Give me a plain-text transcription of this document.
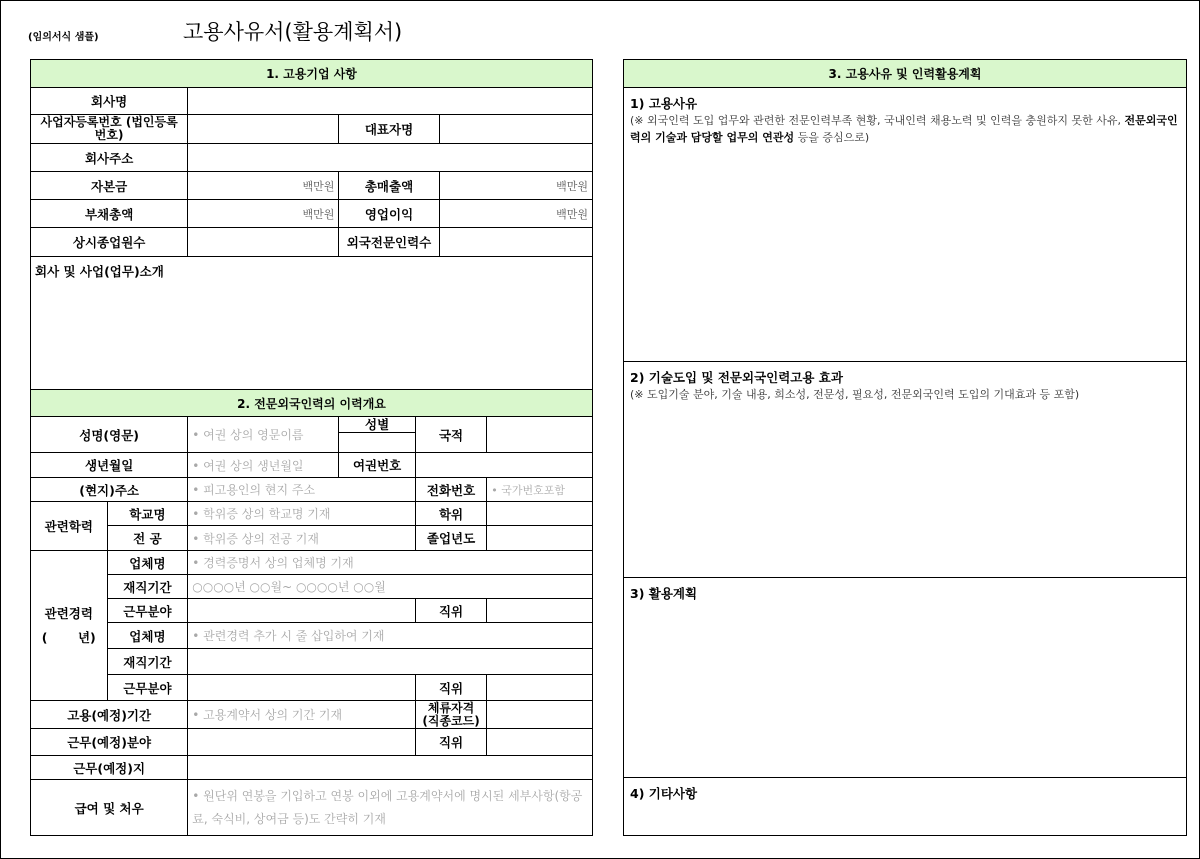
(임의서식 샘플)	고용사유서(활용계획서)
1. 고용기업 사항						
회사명						
사업자등록번호 (법인등록번호)			대표자명			
회사주소						
자본금		백만원	총매출액		백만원	
부채총액		백만원	영업이익		백만원	
상시종업원수			외국전문인력수			
회사 및 사업(업무)소개						
2. 전문외국인력의 이력개요						
성명(영문)		• 여권 상의 영문이름	성별	국적		
생년월일		• 여권 상의 생년월일	여권번호			
(현지)주소		• 피고용인의 현지 주소		전화번호		• 국가번호포함
관련학력	학교명	• 학위증 상의 학교명 기재		학위		
	전 공	• 학위증 상의 전공 기재		졸업년도		
관련경력
(       년)	업체명	• 경력증명서 상의 업체명 기재				
	재직기간	○○○○년 ○○월~ ○○○○년 ○○월				
	근무분야			직위		
	업체명	• 관련경력 추가 시 줄 삽입하여 기재				
	재직기간					
	근무분야			직위		
고용(예정)기간		• 고용계약서 상의 기간 기재		체류자격 (직종코드)		
근무(예정)분야				직위		
근무(예정)지						
급여 및 처우		• 원단위 연봉을 기입하고 연봉 이외에 고용계약서에 명시된 세부사항(항공료, 숙식비, 상여금 등)도 간략히 기재				
3. 고용사유 및 인력활용계획

1) 고용사유
(※ 외국인력 도입 업무와 관련한 전문인력부족 현황, 국내인력 채용노력 및 인력을 충원하지 못한 사유, 전문외국인력의 기술과 담당할 업무의 연관성 등을 증심으로)

2) 기술도입 및 전문외국인력고용 효과
(※ 도입기술 분야, 기술 내용, 희소성, 전문성, 필요성, 전문외국인력 도입의 기대효과 등 포함)

3) 활용계획

4) 기타사항
